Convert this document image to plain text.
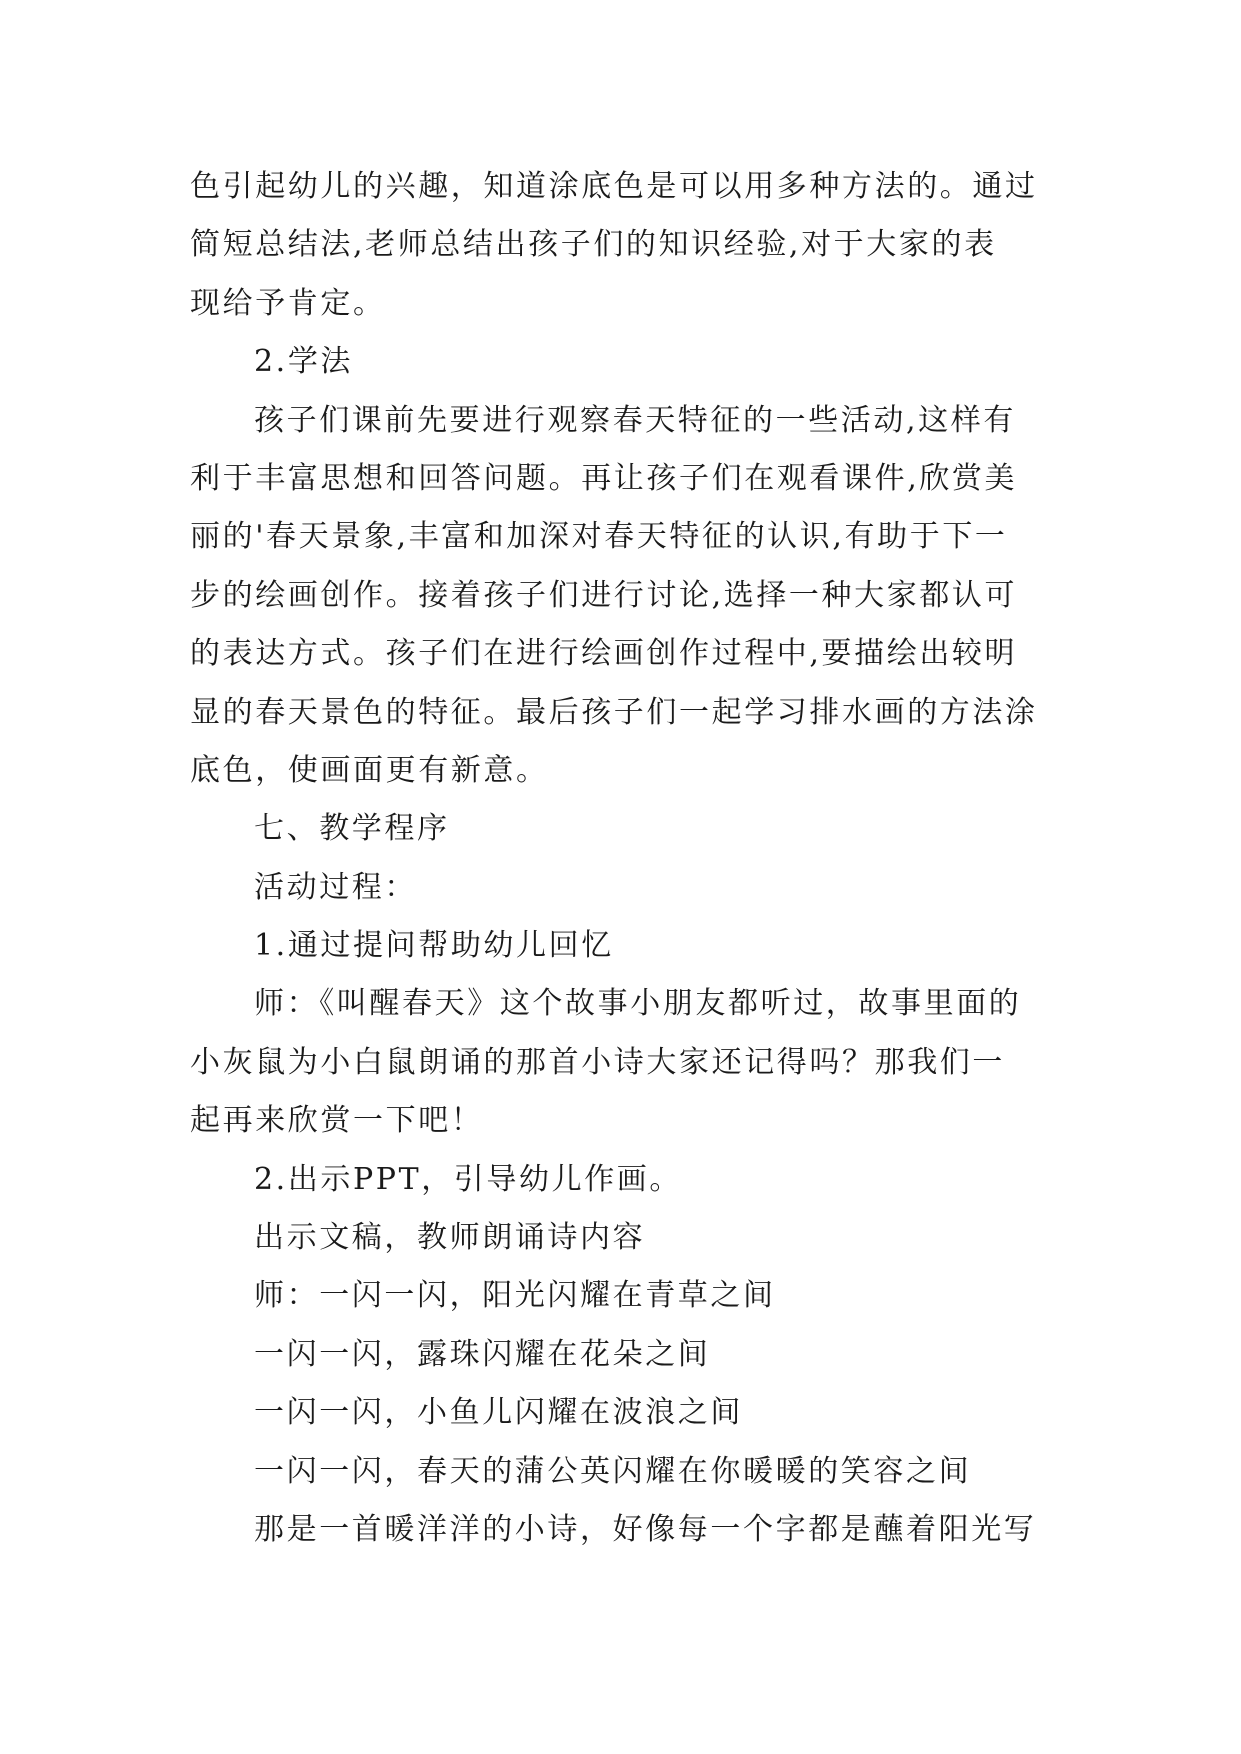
色引起幼儿的兴趣，知道涂底色是可以用多种方法的。通过
简短总结法,老师总结出孩子们的知识经验,对于大家的表
现给予肯定。
2.学法
孩子们课前先要进行观察春天特征的一些活动,这样有
利于丰富思想和回答问题。再让孩子们在观看课件,欣赏美
丽的'春天景象,丰富和加深对春天特征的认识,有助于下一
步的绘画创作。接着孩子们进行讨论,选择一种大家都认可
的表达方式。孩子们在进行绘画创作过程中,要描绘出较明
显的春天景色的特征。最后孩子们一起学习排水画的方法涂
底色，使画面更有新意。
七、教学程序
活动过程：
1.通过提问帮助幼儿回忆
师：《叫醒春天》这个故事小朋友都听过，故事里面的
小灰鼠为小白鼠朗诵的那首小诗大家还记得吗？那我们一
起再来欣赏一下吧！
2.出示PPT，引导幼儿作画。
出示文稿，教师朗诵诗内容
师：一闪一闪，阳光闪耀在青草之间
一闪一闪，露珠闪耀在花朵之间
一闪一闪，小鱼儿闪耀在波浪之间
一闪一闪，春天的蒲公英闪耀在你暖暖的笑容之间
那是一首暖洋洋的小诗，好像每一个字都是蘸着阳光写
